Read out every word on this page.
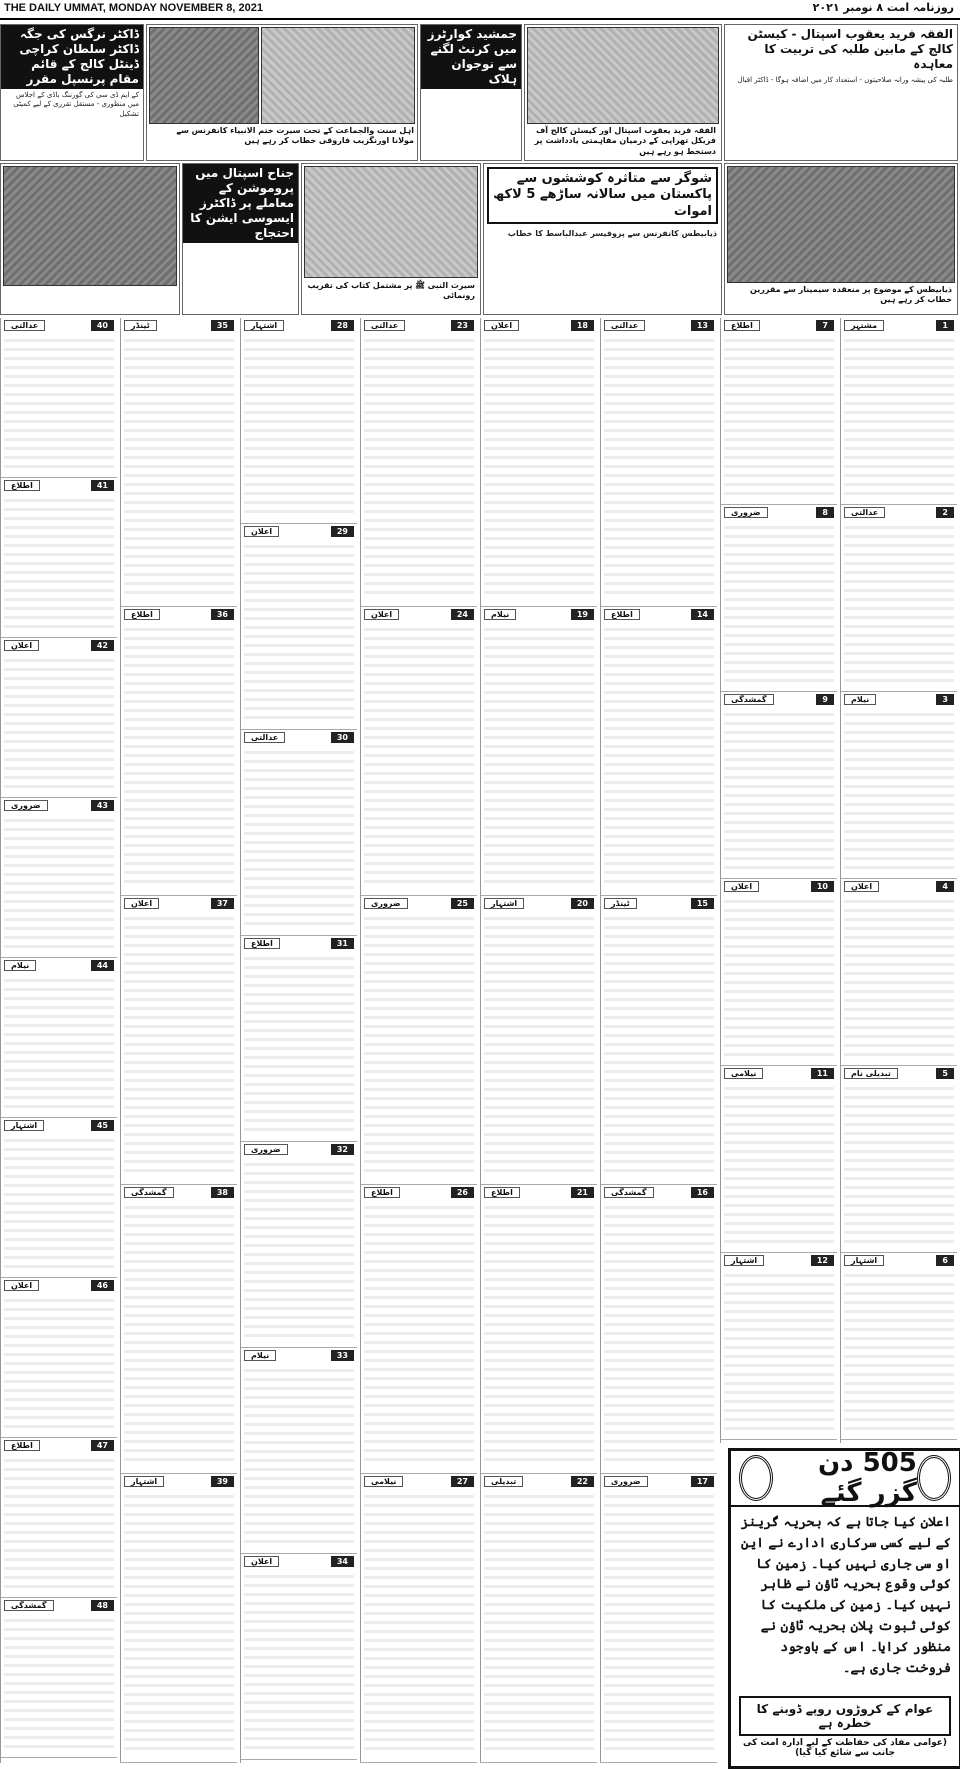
THE DAILY UMMAT, MONDAY NOVEMBER 8, 2021	روزنامہ امت ۸ نومبر ۲۰۲۱
ڈاکٹر نرگس کی جگہ ڈاکٹر سلطان کراچی ڈینٹل کالج کے قائم مقام پرنسپل مقرر
کے ایم ڈی سی کی گورننگ باڈی کے اجلاس میں منظوری - مستقل تقرری کے لیے کمیٹی تشکیل
اہل سنت والجماعت کے تحت سیرت ختم الانبیاء کانفرنس سے مولانا اورنگزیب فاروقی خطاب کر رہے ہیں
جمشید کوارٹرز میں کرنٹ لگنے سے نوجوان ہلاک
الفقہ فرید یعقوب اسپتال اور کیسٹن کالج آف فزیکل تھراپی کے درمیان مفاہمتی یادداشت پر دستخط ہو رہے ہیں
الفقہ فرید یعقوب اسپتال - کیسٹن کالج کے مابین طلبہ کی تربیت کا معاہدہ
طلبہ کی پیشہ ورانہ صلاحیتوں - استعداد کار میں اضافہ ہوگا - ڈاکٹر اقبال
جناح اسپتال میں پروموشن کے معاملے پر ڈاکٹرز ایسوسی ایشن کا احتجاج
سیرت النبی ﷺ پر مشتمل کتاب کی تقریب رونمائی
شوگر سے متاثرہ کوششوں سے پاکستان میں سالانہ ساڑھے 5 لاکھ اموات
ذیابیطس کانفرنس سے پروفیسر عبدالباسط کا خطاب
ذیابیطس کے موضوع پر منعقدہ سیمینار سے مقررین خطاب کر رہے ہیں
1
مشتہر
2
عدالتی
3
نیلام
4
اعلان
5
تبدیلی نام
6
اشتہار
7
اطلاع
8
ضروری
9
گمشدگی
10
اعلان
11
نیلامی
12
اشتہار
13
عدالتی
14
اطلاع
15
ٹینڈر
16
گمشدگی
17
ضروری
18
اعلان
19
نیلام
20
اشتہار
21
اطلاع
22
تبدیلی
23
عدالتی
24
اعلان
25
ضروری
26
اطلاع
27
نیلامی
28
اشتہار
29
اعلان
30
عدالتی
31
اطلاع
32
ضروری
33
نیلام
34
اعلان
35
ٹینڈر
36
اطلاع
37
اعلان
38
گمشدگی
39
اشتہار
40
عدالتی
41
اطلاع
42
اعلان
43
ضروری
44
نیلام
45
اشتہار
46
اعلان
47
اطلاع
48
گمشدگی
505 دن گزر گئے
اعلان کیا جاتا ہے کہ بحریہ گرینز کے لیے کسی سرکاری ادارے نے این او سی جاری نہیں کیا۔ زمین کا کوئی وقوع بحریہ ٹاؤن نے ظاہر نہیں کیا۔ زمین کی ملکیت کا کوئی ثبوت پلان بحریہ ٹاؤن نے منظور کرایا۔ اس کے باوجود فروخت جاری ہے۔
عوام کے کروڑوں روپے ڈوبنے کا خطرہ ہے
(عوامی مفاد کی حفاظت کے لیے ادارہ امت کی جانب سے شائع کیا گیا)
